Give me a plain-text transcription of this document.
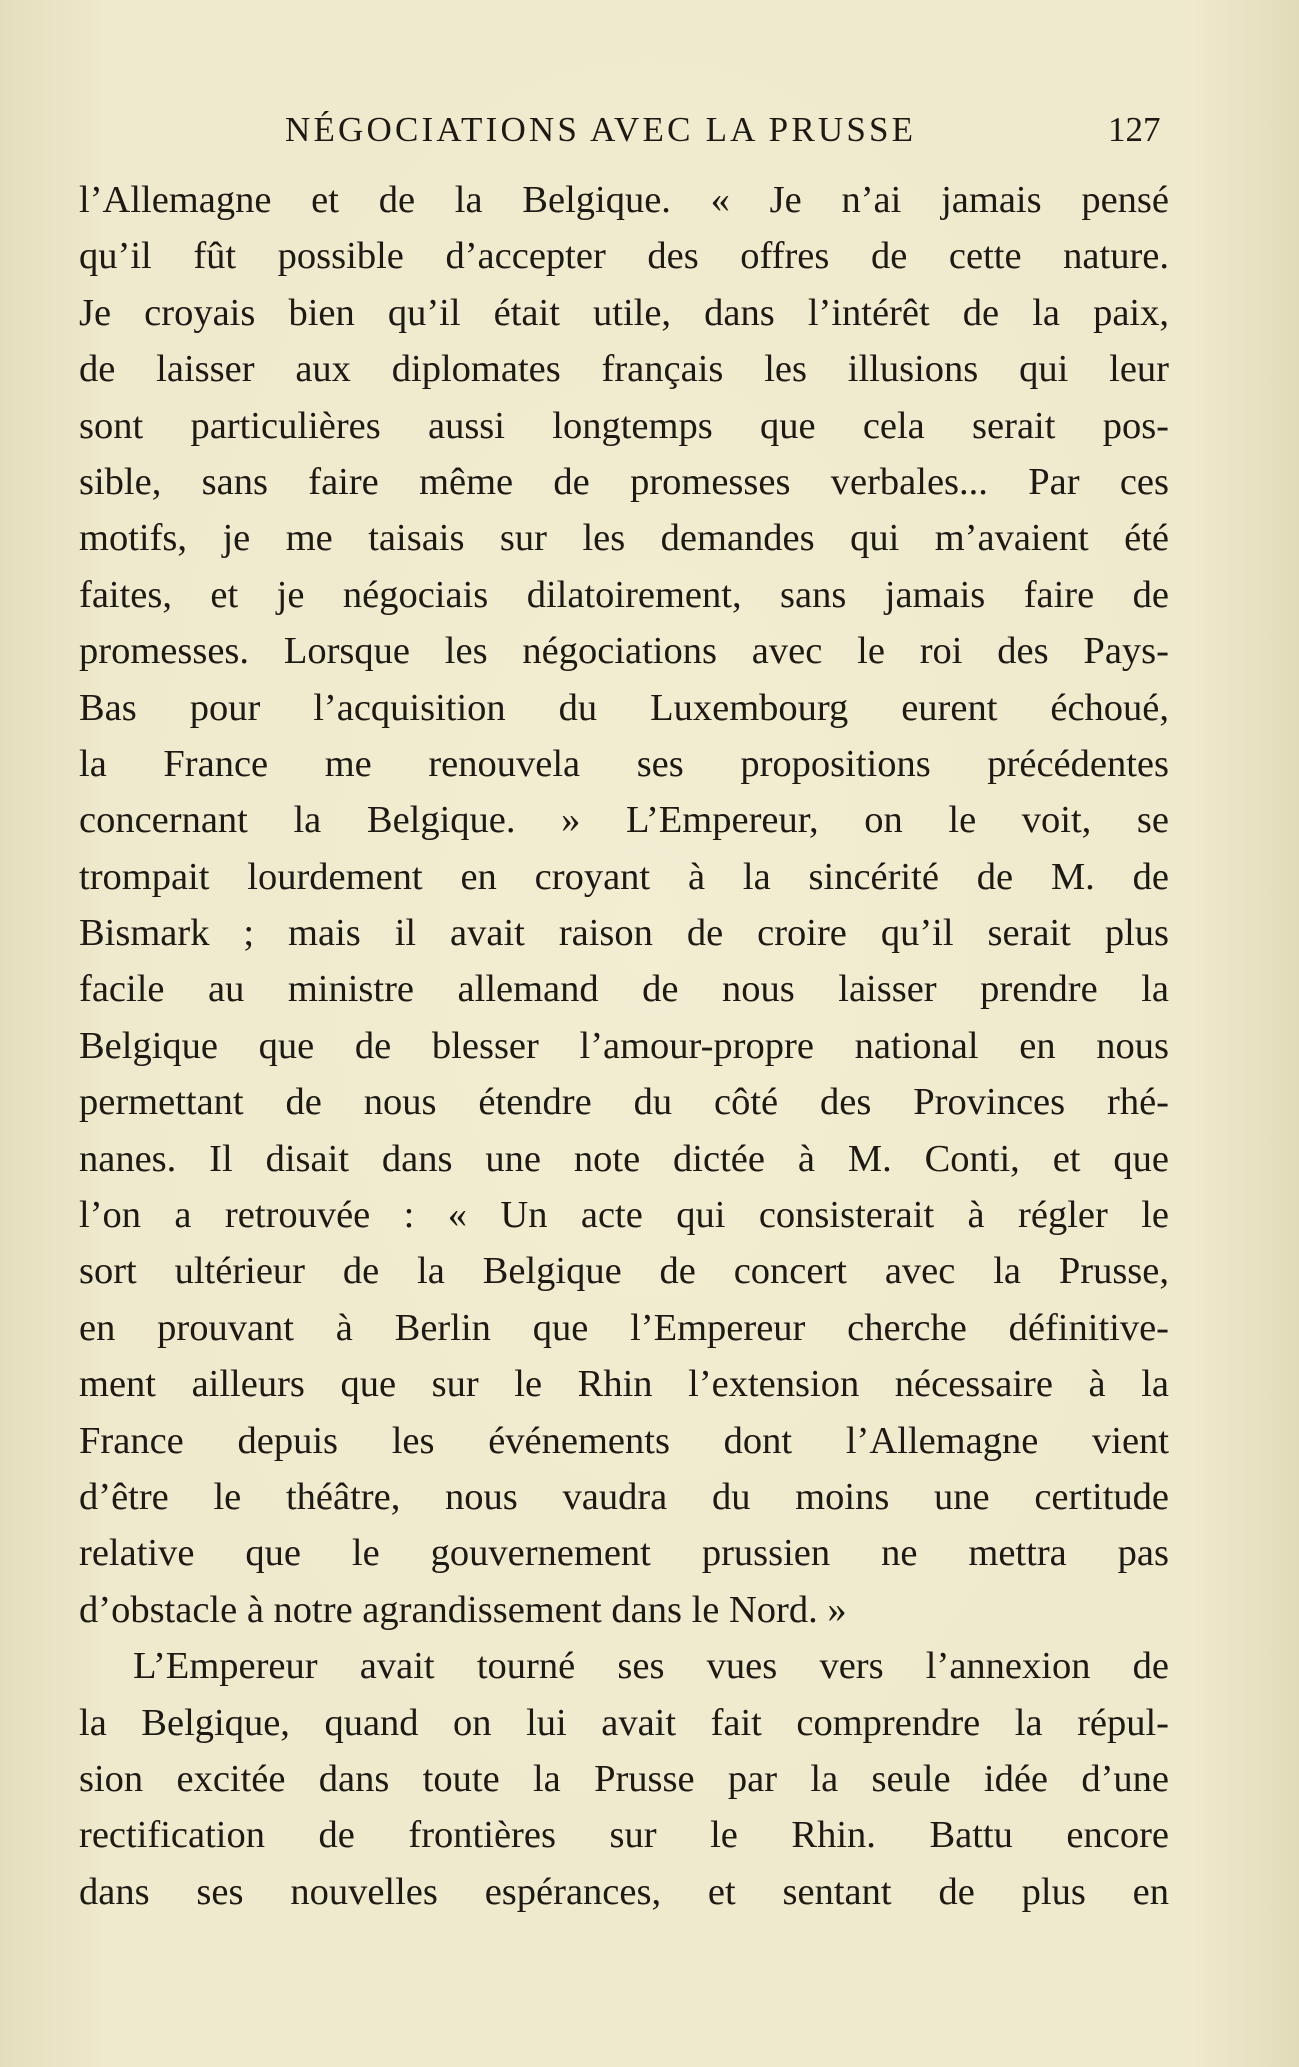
NÉGOCIATIONS AVEC LA PRUSSE	127
l’Allemagne et de la Belgique. « Je n’ai jamais pensé
qu’il fût possible d’accepter des offres de cette nature.
Je croyais bien qu’il était utile, dans l’intérêt de la paix,
de laisser aux diplomates français les illusions qui leur
sont particulières aussi longtemps que cela serait pos-
sible, sans faire même de promesses verbales... Par ces
motifs, je me taisais sur les demandes qui m’avaient été
faites, et je négociais dilatoirement, sans jamais faire de
promesses. Lorsque les négociations avec le roi des Pays-
Bas pour l’acquisition du Luxembourg eurent échoué,
la France me renouvela ses propositions précédentes
concernant la Belgique. » L’Empereur, on le voit, se
trompait lourdement en croyant à la sincérité de M. de
Bismark ; mais il avait raison de croire qu’il serait plus
facile au ministre allemand de nous laisser prendre la
Belgique que de blesser l’amour-propre national en nous
permettant de nous étendre du côté des Provinces rhé-
nanes. Il disait dans une note dictée à M. Conti, et que
l’on a retrouvée : « Un acte qui consisterait à régler le
sort ultérieur de la Belgique de concert avec la Prusse,
en prouvant à Berlin que l’Empereur cherche définitive-
ment ailleurs que sur le Rhin l’extension nécessaire à la
France depuis les événements dont l’Allemagne vient
d’être le théâtre, nous vaudra du moins une certitude
relative que le gouvernement prussien ne mettra pas
d’obstacle à notre agrandissement dans le Nord. »
L’Empereur avait tourné ses vues vers l’annexion de
la Belgique, quand on lui avait fait comprendre la répul-
sion excitée dans toute la Prusse par la seule idée d’une
rectification de frontières sur le Rhin. Battu encore
dans ses nouvelles espérances, et sentant de plus en
